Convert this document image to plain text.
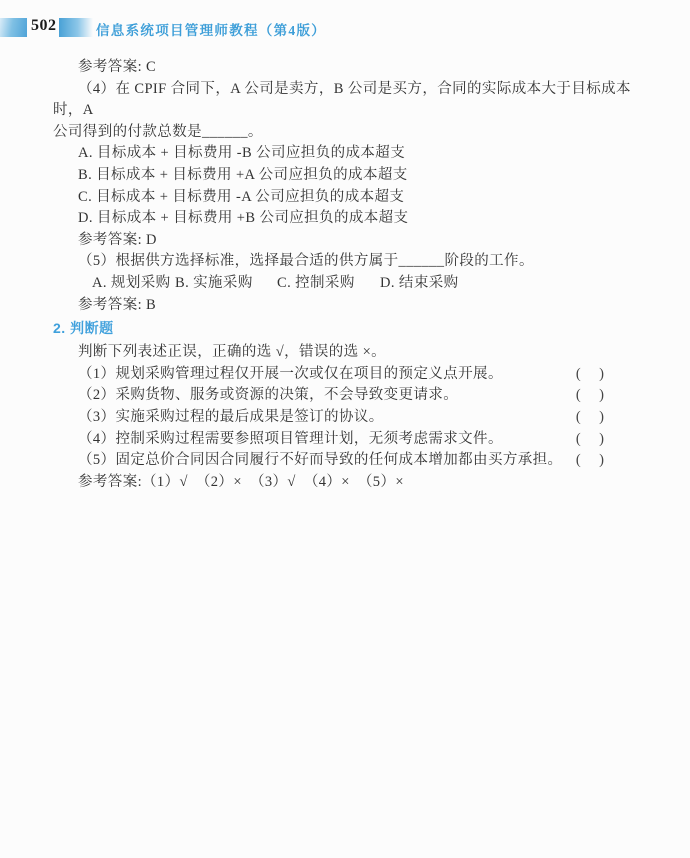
502	信息系统项目管理师教程（第4版）

参考答案: C

（4）在 CPIF 合同下，A 公司是卖方，B 公司是买方，合同的实际成本大于目标成本时，A

公司得到的付款总数是______。

A. 目标成本 + 目标费用 -B 公司应担负的成本超支

B. 目标成本 + 目标费用 +A 公司应担负的成本超支

C. 目标成本 + 目标费用 -A 公司应担负的成本超支

D. 目标成本 + 目标费用 +B 公司应担负的成本超支

参考答案: D

（5）根据供方选择标准，选择最合适的供方属于______阶段的工作。

A. 规划采购 B. 实施采购 C. 控制采购 D. 结束采购

参考答案: B

2. 判断题

判断下列表述正误，正确的选 √，错误的选 ×。

（1）规划采购管理过程仅开展一次或仅在项目的预定义点开展。	(　)
（2）采购货物、服务或资源的决策，不会导致变更请求。	(　)
（3）实施采购过程的最后成果是签订的协议。	(　)
（4）控制采购过程需要参照项目管理计划，无须考虑需求文件。	(　)
（5）固定总价合同因合同履行不好而导致的任何成本增加都由买方承担。 (　)

参考答案:（1）√  （2）×  （3）√  （4）×  （5）×
